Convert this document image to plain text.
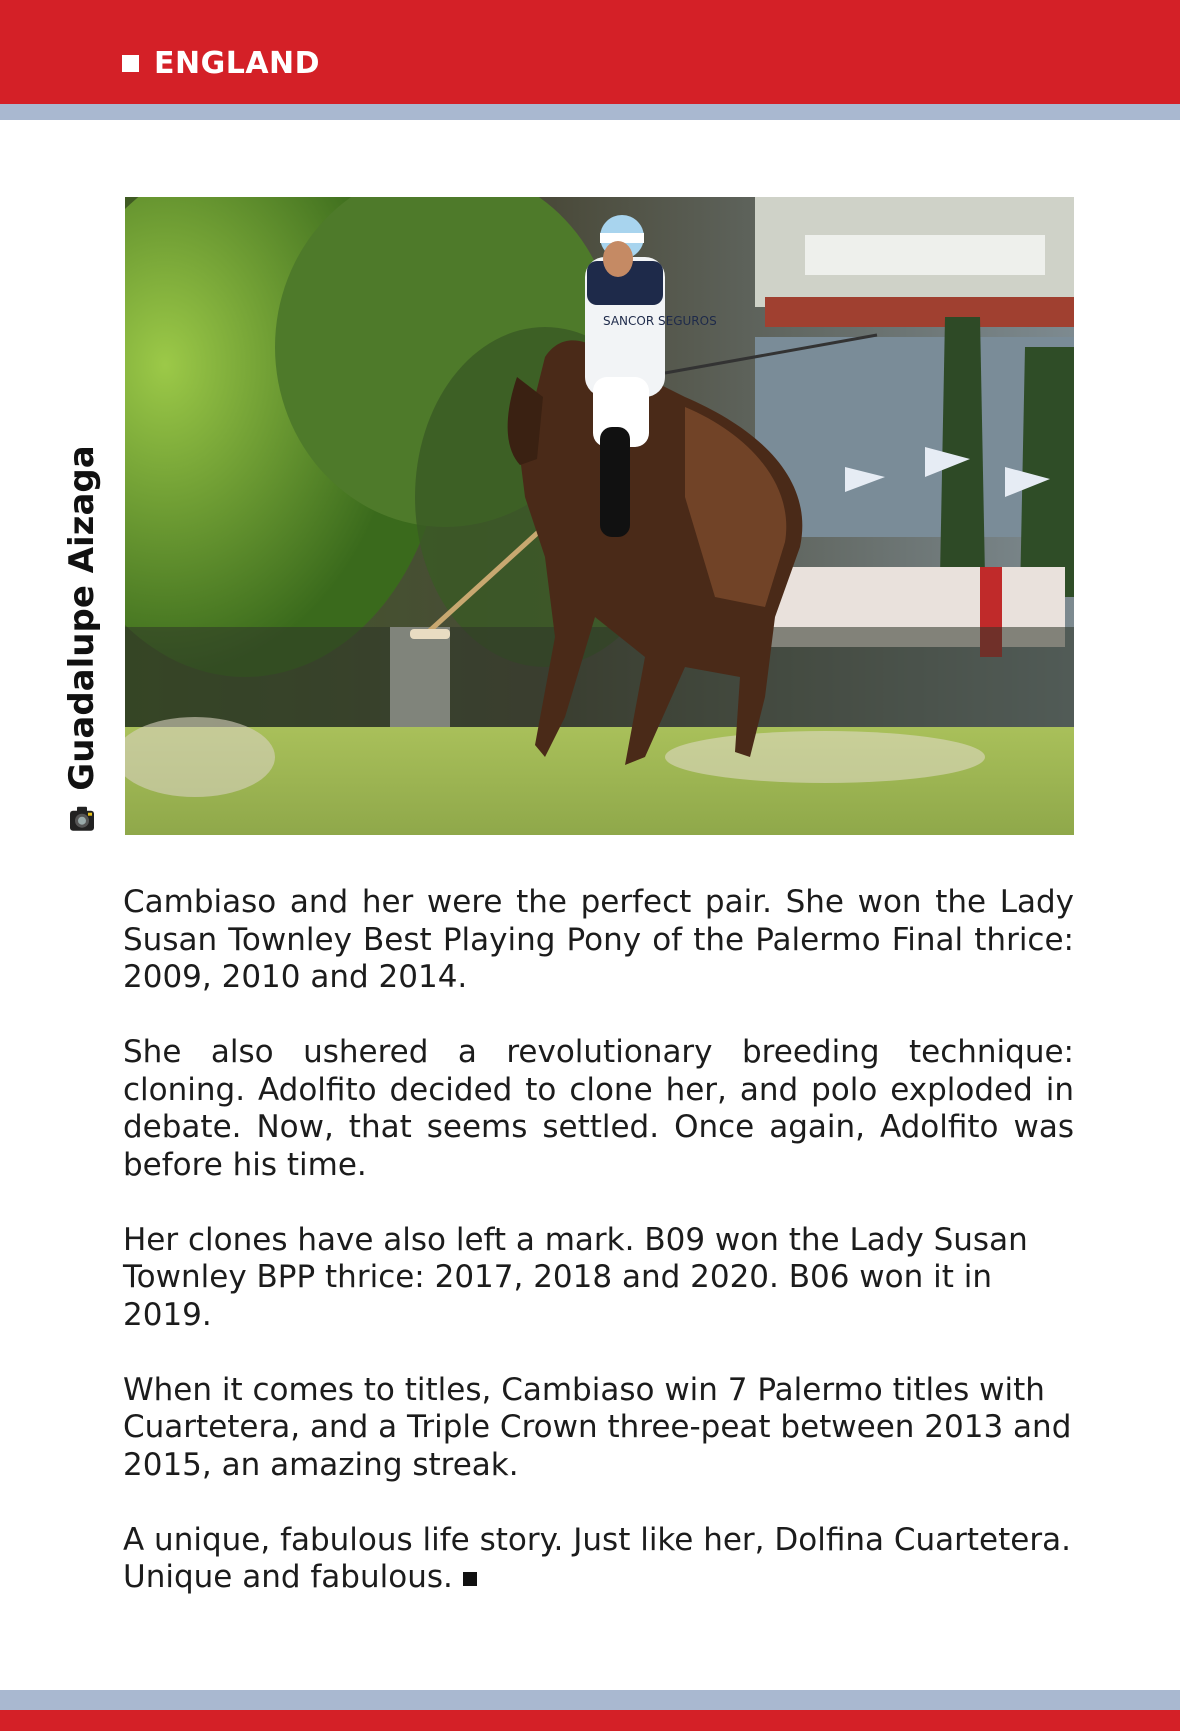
ENGLAND
Guadalupe Aizaga
SANCOR SEGUROS

Cambiaso and her were the perfect pair. She won the Lady Susan Townley Best Playing Pony of the Palermo Final thrice: 2009, 2010 and 2014.

She also ushered a revolutionary breeding technique: cloning. Adolfito decided to clone her, and polo exploded in debate. Now, that seems settled. Once again, Adolfito was before his time.

Her clones have also left a mark. B09 won the Lady Susan Townley BPP thrice: 2017, 2018 and 2020. B06 won it in 2019.

When it comes to titles, Cambiaso win 7 Palermo titles with Cuartetera, and a Triple Crown three-peat between 2013 and 2015, an amazing streak.

A unique, fabulous life story. Just like her, Dolfina Cuartetera. Unique and fabulous.
